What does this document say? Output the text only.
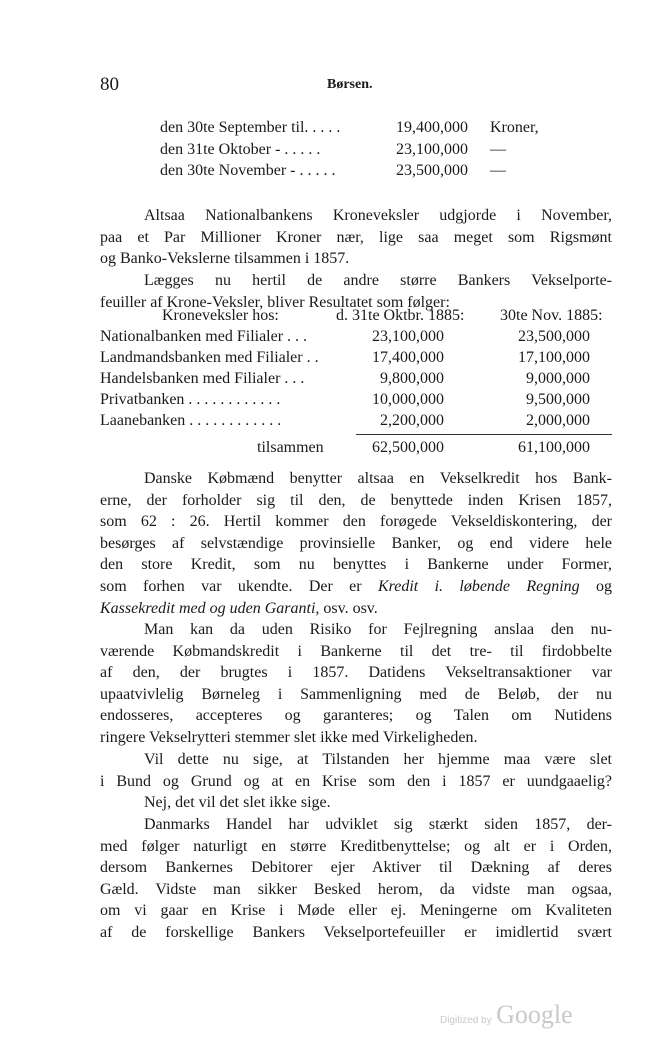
80	Børsen.
den 30te September til. . . . .	19,400,000 Kroner,
den 31te Oktober - . . . . .	23,100,000 —
den 30te November - . . . . .	23,500,000 —
Altsaa Nationalbankens Kroneveksler udgjorde i November,
paa et Par Millioner Kroner nær, lige saa meget som Rigsmønt
og Banko-Vekslerne tilsammen i 1857.
Lægges nu hertil de andre større Bankers Vekselporte-
feuiller af Krone-Veksler, bliver Resultatet som følger:
Kroneveksler hos:	d. 31te Oktbr. 1885: 30te Nov. 1885:
Nationalbanken med Filialer . . .	23,100,000	23,500,000
Landmandsbanken med Filialer . .	17,400,000	17,100,000
Handelsbanken med Filialer . . .	9,800,000	9,000,000
Privatbanken . . . . . . . . . . . .	10,000,000	9,500,000
Laanebanken . . . . . . . . . . . .	2,200,000	2,000,000
tilsammen	62,500,000	61,100,000
Danske Købmænd benytter altsaa en Vekselkredit hos Bank-
erne, der forholder sig til den, de benyttede inden Krisen 1857,
som 62 : 26. Hertil kommer den forøgede Vekseldiskontering, der
besørges af selvstændige provinsielle Banker, og end videre hele
den store Kredit, som nu benyttes i Bankerne under Former,
som forhen var ukendte. Der er Kredit i. løbende Regning og
Kassekredit med og uden Garanti, osv. osv.
Man kan da uden Risiko for Fejlregning anslaa den nu-
værende Købmandskredit i Bankerne til det tre- til firdobbelte
af den, der brugtes i 1857. Datidens Vekseltransaktioner var
upaatvivlelig Børneleg i Sammenligning med de Beløb, der nu
endosseres, accepteres og garanteres; og Talen om Nutidens
ringere Vekselrytteri stemmer slet ikke med Virkeligheden.
Vil dette nu sige, at Tilstanden her hjemme maa være slet
i Bund og Grund og at en Krise som den i 1857 er uundgaaelig?
Nej, det vil det slet ikke sige.
Danmarks Handel har udviklet sig stærkt siden 1857, der-
med følger naturligt en større Kreditbenyttelse; og alt er i Orden,
dersom Bankernes Debitorer ejer Aktiver til Dækning af deres
Gæld. Vidste man sikker Besked herom, da vidste man ogsaa,
om vi gaar en Krise i Møde eller ej. Meningerne om Kvaliteten
af de forskellige Bankers Vekselportefeuiller er imidlertid svært
Digitized by Google
